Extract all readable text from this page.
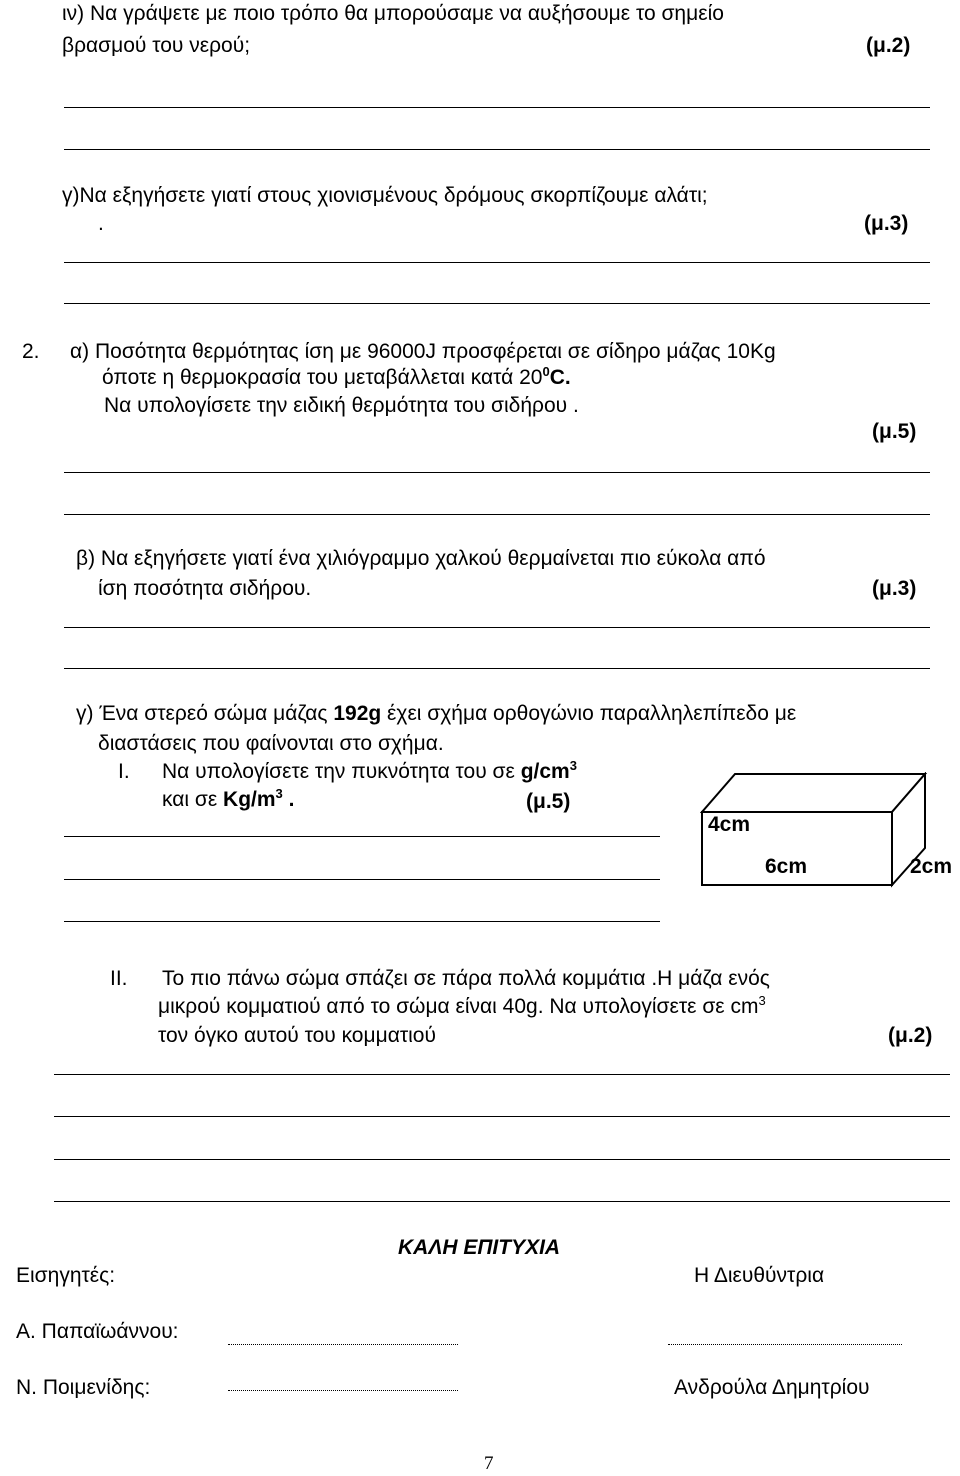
ιν) Να γράψετε με ποιο τρόπο θα μπορούσαμε να αυξήσουμε το σημείο
βρασμού του νερού;	(μ.2)
γ)Να εξηγήσετε γιατί στους χιονισμένους δρόμους σκορπίζουμε αλάτι;
.	(μ.3)
2. α) Ποσότητα θερμότητας ίση με 96000J προσφέρεται σε σίδηρο μάζας 10Kg
όποτε η θερμοκρασία του μεταβάλλεται κατά $20^0C$.
Να υπολογίσετε την ειδική θερμότητα του σιδήρου .
(μ.5)
β) Να εξηγήσετε γιατί ένα χιλιόγραμμο χαλκού θερμαίνεται πιο εύκολα από
ίση ποσότητα σιδήρου.	(μ.3)
γ) Ένα στερεό σώμα μάζας 192g έχει σχήμα ορθογώνιο παραλληλεπίπεδο με
διαστάσεις που φαίνονται στο σχήμα.
I. Να υπολογίσετε την πυκνότητα του σε $g/cm^3$
και σε $Kg/m^3$ .	(μ.5)
4cm
6cm	2cm
II. Το πιο πάνω σώμα σπάζει σε πάρα πολλά κομμάτια .Η μάζα ενός
μικρού κομματιού από το σώμα είναι 40g. Να υπολογίσετε σε $cm^3$
τον όγκο αυτού του κομματιού	(μ.2)
ΚΑΛΗ ΕΠΙΤΥΧΙΑ
Εισηγητές:	Η Διευθύντρια
Α. Παπαϊωάννου:
Ν. Ποιμενίδης:	Ανδρούλα Δημητρίου
7
